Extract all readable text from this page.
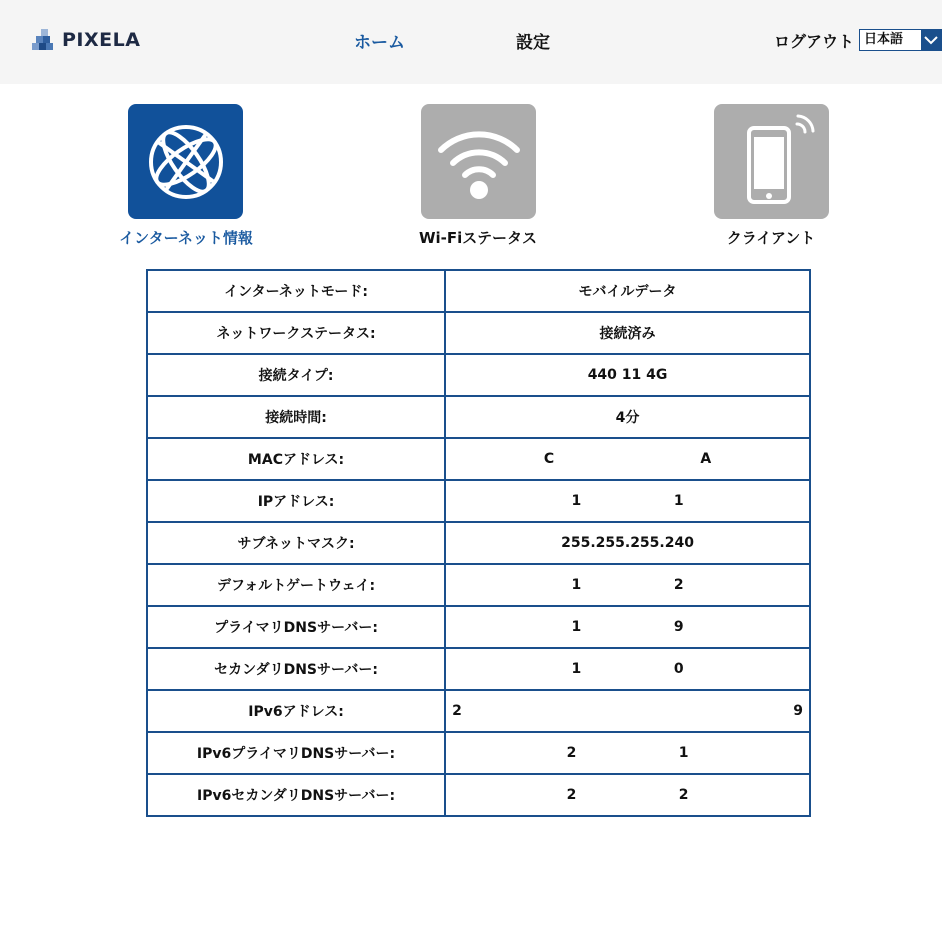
PIXELA	ホーム	設定	ログアウト 日本語
インターネット情報	Wi-Fiステータス	クライアント
インターネットモード:	モバイルデータ
ネットワークステータス:	接続済み
接続タイプ:	440 11 4G
接続時間:	4分
MACアドレス:	C                              A
IPアドレス:	1                   1
サブネットマスク:	255.255.255.240
デフォルトゲートウェイ:	1                   2
プライマリDNSサーバー:	1                   9
セカンダリDNSサーバー:	1                   0
IPv6アドレス:	2                                                                    9
IPv6プライマリDNSサーバー:	2                     1
IPv6セカンダリDNSサーバー:	2                     2
